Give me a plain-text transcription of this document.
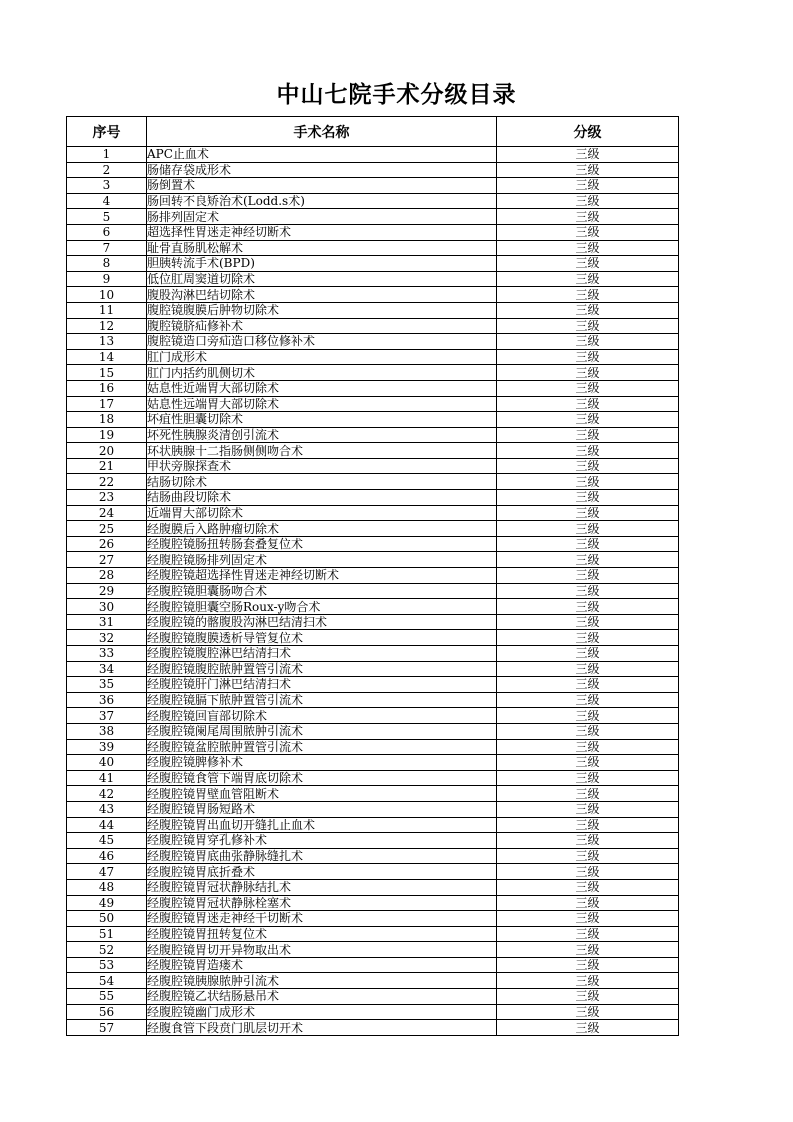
中山七院手术分级目录
序号	手术名称	分级
1	APC止血术	三级
2	肠储存袋成形术	三级
3	肠倒置术	三级
4	肠回转不良矫治术(Lodd.s术)	三级
5	肠排列固定术	三级
6	超选择性胃迷走神经切断术	三级
7	耻骨直肠肌松解术	三级
8	胆胰转流手术(BPD)	三级
9	低位肛周窦道切除术	三级
10	腹股沟淋巴结切除术	三级
11	腹腔镜腹膜后肿物切除术	三级
12	腹腔镜脐疝修补术	三级
13	腹腔镜造口旁疝造口移位修补术	三级
14	肛门成形术	三级
15	肛门内括约肌侧切术	三级
16	姑息性近端胃大部切除术	三级
17	姑息性远端胃大部切除术	三级
18	坏疽性胆囊切除术	三级
19	坏死性胰腺炎清创引流术	三级
20	环状胰腺十二指肠侧侧吻合术	三级
21	甲状旁腺探查术	三级
22	结肠切除术	三级
23	结肠曲段切除术	三级
24	近端胃大部切除术	三级
25	经腹膜后入路肿瘤切除术	三级
26	经腹腔镜肠扭转肠套叠复位术	三级
27	经腹腔镜肠排列固定术	三级
28	经腹腔镜超选择性胃迷走神经切断术	三级
29	经腹腔镜胆囊肠吻合术	三级
30	经腹腔镜胆囊空肠Roux-y吻合术	三级
31	经腹腔镜的髂腹股沟淋巴结清扫术	三级
32	经腹腔镜腹膜透析导管复位术	三级
33	经腹腔镜腹腔淋巴结清扫术	三级
34	经腹腔镜腹腔脓肿置管引流术	三级
35	经腹腔镜肝门淋巴结清扫术	三级
36	经腹腔镜膈下脓肿置管引流术	三级
37	经腹腔镜回盲部切除术	三级
38	经腹腔镜阑尾周围脓肿引流术	三级
39	经腹腔镜盆腔脓肿置管引流术	三级
40	经腹腔镜脾修补术	三级
41	经腹腔镜食管下端胃底切除术	三级
42	经腹腔镜胃壁血管阻断术	三级
43	经腹腔镜胃肠短路术	三级
44	经腹腔镜胃出血切开缝扎止血术	三级
45	经腹腔镜胃穿孔修补术	三级
46	经腹腔镜胃底曲张静脉缝扎术	三级
47	经腹腔镜胃底折叠术	三级
48	经腹腔镜胃冠状静脉结扎术	三级
49	经腹腔镜胃冠状静脉栓塞术	三级
50	经腹腔镜胃迷走神经干切断术	三级
51	经腹腔镜胃扭转复位术	三级
52	经腹腔镜胃切开异物取出术	三级
53	经腹腔镜胃造瘘术	三级
54	经腹腔镜胰腺脓肿引流术	三级
55	经腹腔镜乙状结肠悬吊术	三级
56	经腹腔镜幽门成形术	三级
57	经腹食管下段贲门肌层切开术	三级
